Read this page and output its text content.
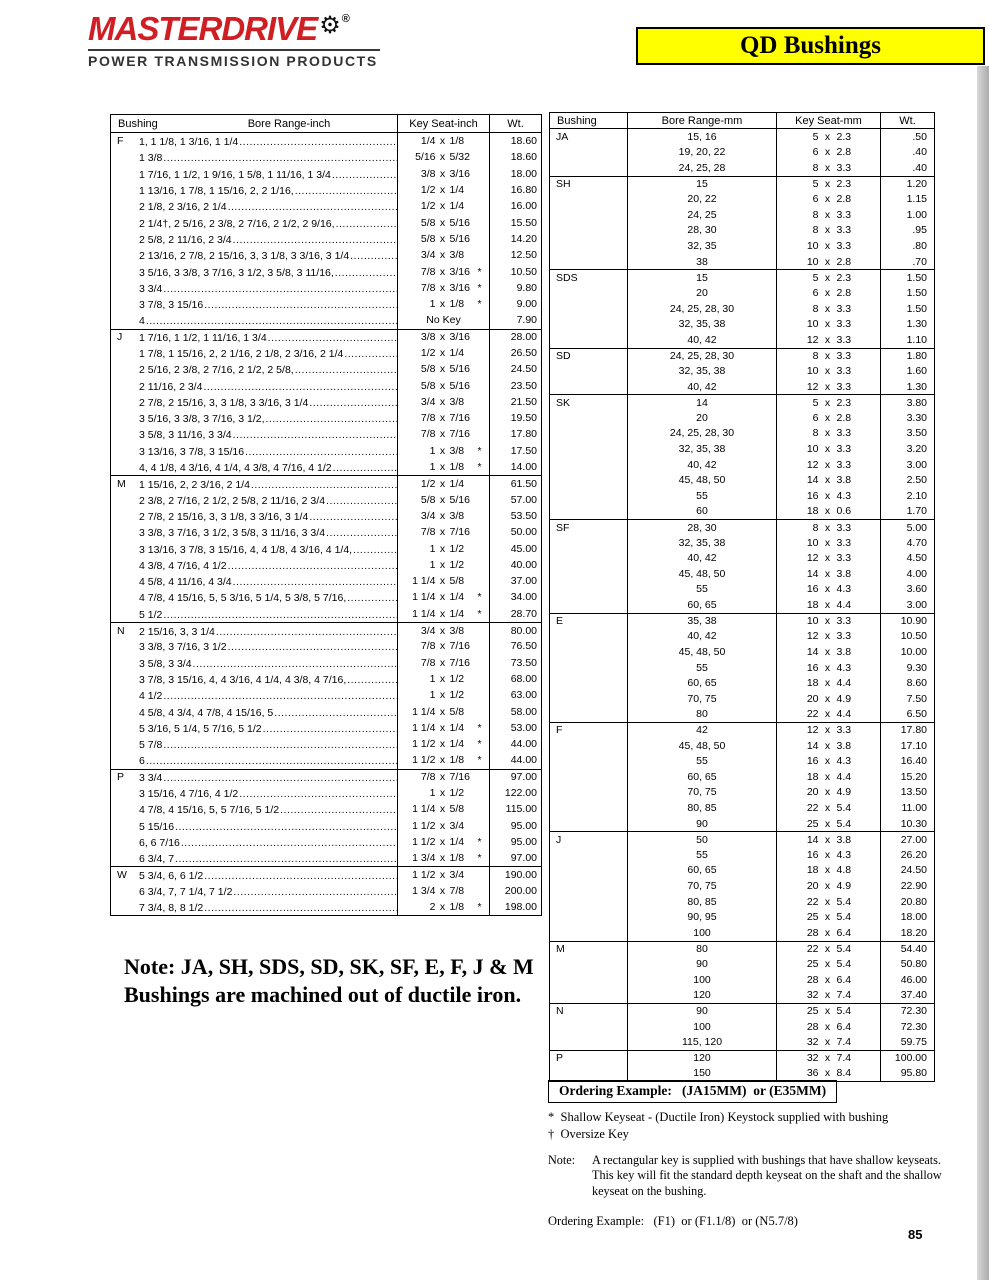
MASTERDRIVE ⚙ ®
POWER TRANSMISSION PRODUCTS
QD Bushings
Bushing	Bore Range-inch	Key Seat-inch	Wt.
F	1, 1 1/8, 1 3/16, 1 1/4 .....	1/4 x 1/8	18.60
1 3/8 .....	5/16 x 5/32	18.60
1 7/16, 1 1/2, 1 9/16, 1 5/8, 1 11/16, 1 3/4 .....	3/8 x 3/16	18.00
1 13/16, 1 7/8, 1 15/16, 2, 2 1/16, .....	1/2 x 1/4	16.80
2 1/8, 2 3/16, 2 1/4 .....	1/2 x 1/4	16.00
2 1/4†, 2 5/16, 2 3/8, 2 7/16, 2 1/2, 2 9/16, .....	5/8 x 5/16	15.50
2 5/8, 2 11/16, 2 3/4 .....	5/8 x 5/16	14.20
2 13/16, 2 7/8, 2 15/16, 3, 3 1/8, 3 3/16, 3 1/4 .....	3/4 x 3/8	12.50
3 5/16, 3 3/8, 3 7/16, 3 1/2, 3 5/8, 3 11/16, .....	7/8 x 3/16 *	10.50
3 3/4 .....	7/8 x 3/16 *	9.80
3 7/8, 3 15/16 .....	1 x 1/8	*	9.00
4 .....	No Key	7.90
J	1 7/16, 1 1/2, 1 11/16, 1 3/4 .....	3/8 x 3/16	28.00
1 7/8, 1 15/16, 2, 2 1/16, 2 1/8, 2 3/16, 2 1/4 .....	1/2 x 1/4	26.50
2 5/16, 2 3/8, 2 7/16, 2 1/2, 2 5/8, .....	5/8 x 5/16	24.50
2 11/16, 2 3/4 .....	5/8 x 5/16	23.50
2 7/8, 2 15/16, 3, 3 1/8, 3 3/16, 3 1/4 .....	3/4 x 3/8	21.50
3 5/16, 3 3/8, 3 7/16, 3 1/2, .....	7/8 x 7/16	19.50
3 5/8, 3 11/16, 3 3/4 .....	7/8 x 7/16	17.80
3 13/16, 3 7/8, 3 15/16 .....	1 x 3/8	*	17.50
4, 4 1/8, 4 3/16, 4 1/4, 4 3/8, 4 7/16, 4 1/2 .....	1 x 1/8	*	14.00
M	1 15/16, 2, 2 3/16, 2 1/4 .....	1/2 x 1/4	61.50
2 3/8, 2 7/16, 2 1/2, 2 5/8, 2 11/16, 2 3/4 .....	5/8 x 5/16	57.00
2 7/8, 2 15/16, 3, 3 1/8, 3 3/16, 3 1/4 .....	3/4 x 3/8	53.50
3 3/8, 3 7/16, 3 1/2, 3 5/8, 3 11/16, 3 3/4 .....	7/8 x 7/16	50.00
3 13/16, 3 7/8, 3 15/16, 4, 4 1/8, 4 3/16, 4 1/4, .....	1 x 1/2	45.00
4 3/8, 4 7/16, 4 1/2 .....	1 x 1/2	40.00
4 5/8, 4 11/16, 4 3/4 .....	1 1/4 x 5/8	37.00
4 7/8, 4 15/16, 5, 5 3/16, 5 1/4, 5 3/8, 5 7/16, .....	1 1/4 x 1/4	*	34.00
5 1/2 .....	1 1/4 x 1/4	*	28.70
N	2 15/16, 3, 3 1/4 .....	3/4 x 3/8	80.00
3 3/8, 3 7/16, 3 1/2 .....	7/8 x 7/16	76.50
3 5/8, 3 3/4 .....	7/8 x 7/16	73.50
3 7/8, 3 15/16, 4, 4 3/16, 4 1/4, 4 3/8, 4 7/16, .....	1 x 1/2	68.00
4 1/2 .....	1 x 1/2	63.00
4 5/8, 4 3/4, 4 7/8, 4 15/16, 5 .....	1 1/4 x 5/8	58.00
5 3/16, 5 1/4, 5 7/16, 5 1/2 .....	1 1/4 x 1/4	*	53.00
5 7/8 .....	1 1/2 x 1/4	*	44.00
6 .....	1 1/2 x 1/8	*	44.00
P	3 3/4 .....	7/8 x 7/16	97.00
3 15/16, 4 7/16, 4 1/2 .....	1 x 1/2	122.00
4 7/8, 4 15/16, 5, 5 7/16, 5 1/2 .....	1 1/4 x 5/8	115.00
5 15/16 .....	1 1/2 x 3/4	95.00
6, 6 7/16 .....	1 1/2 x 1/4	*	95.00
6 3/4, 7 .....	1 3/4 x 1/8	*	97.00
W	5 3/4, 6, 6 1/2 .....	1 1/2 x 3/4	190.00
6 3/4, 7, 7 1/4, 7 1/2 .....	1 3/4 x 7/8	200.00
7 3/4, 8, 8 1/2 .....	2 x 1/8	*	198.00
Bushing	Bore Range-mm	Key Seat-mm	Wt.
JA	15, 16	5 x 2.3	.50
19, 20, 22	6 x 2.8	.40
24, 25, 28	8 x 3.3	.40
SH	15	5 x 2.3	1.20
20, 22	6 x 2.8	1.15
24, 25	8 x 3.3	1.00
28, 30	8 x 3.3	.95
32, 35	10 x 3.3	.80
38	10 x 2.8	.70
SDS	15	5 x 2.3	1.50
20	6 x 2.8	1.50
24, 25, 28, 30	8 x 3.3	1.50
32, 35, 38	10 x 3.3	1.30
40, 42	12 x 3.3	1.10
SD	24, 25, 28, 30	8 x 3.3	1.80
32, 35, 38	10 x 3.3	1.60
40, 42	12 x 3.3	1.30
SK	14	5 x 2.3	3.80
20	6 x 2.8	3.30
24, 25, 28, 30	8 x 3.3	3.50
32, 35, 38	10 x 3.3	3.20
40, 42	12 x 3.3	3.00
45, 48, 50	14 x 3.8	2.50
55	16 x 4.3	2.10
60	18 x 0.6	1.70
SF	28, 30	8 x 3.3	5.00
32, 35, 38	10 x 3.3	4.70
40, 42	12 x 3.3	4.50
45, 48, 50	14 x 3.8	4.00
55	16 x 4.3	3.60
60, 65	18 x 4.4	3.00
E	35, 38	10 x 3.3	10.90
40, 42	12 x 3.3	10.50
45, 48, 50	14 x 3.8	10.00
55	16 x 4.3	9.30
60, 65	18 x 4.4	8.60
70, 75	20 x 4.9	7.50
80	22 x 4.4	6.50
F	42	12 x 3.3	17.80
45, 48, 50	14 x 3.8	17.10
55	16 x 4.3	16.40
60, 65	18 x 4.4	15.20
70, 75	20 x 4.9	13.50
80, 85	22 x 5.4	11.00
90	25 x 5.4	10.30
J	50	14 x 3.8	27.00
55	16 x 4.3	26.20
60, 65	18 x 4.8	24.50
70, 75	20 x 4.9	22.90
80, 85	22 x 5.4	20.80
90, 95	25 x 5.4	18.00
100	28 x 6.4	18.20
M	80	22 x 5.4	54.40
90	25 x 5.4	50.80
100	28 x 6.4	46.00
120	32 x 7.4	37.40
N	90	25 x 5.4	72.30
100	28 x 6.4	72.30
115, 120	32 x 7.4	59.75
P	120	32 x 7.4	100.00
150	36 x 8.4	95.80
Note: JA, SH, SDS, SD, SK, SF, E, F, J & M Bushings are machined out of ductile iron.
Ordering Example:   (JA15MM)  or (E35MM)
*  Shallow Keyseat - (Ductile Iron) Keystock supplied with bushing
†  Oversize Key
Note:	A rectangular key is supplied with bushings that have shallow keyseats. This key will fit the standard depth keyseat on the shaft and the shallow keyseat on the bushing.
Ordering Example:   (F1)  or (F1.1/8)  or (N5.7/8)
85
